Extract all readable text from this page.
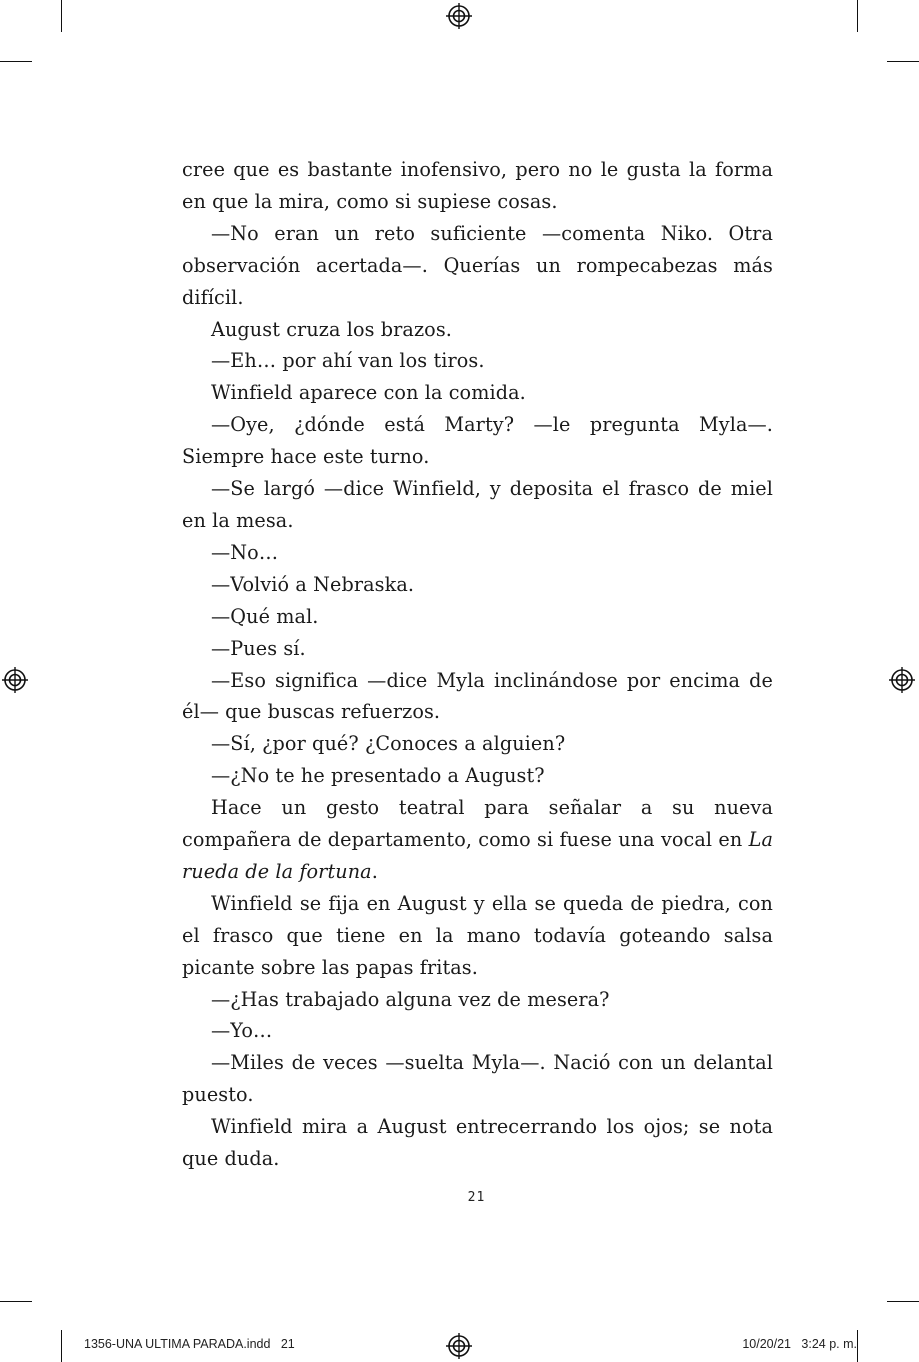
cree que es bastante inofensivo, pero no le gusta la forma en que la mira, como si supiese cosas.

—No eran un reto suficiente —comenta Niko. Otra observación acertada—. Querías un rompecabezas más difícil.

August cruza los brazos.

—Eh… por ahí van los tiros.

Winfield aparece con la comida.

—Oye, ¿dónde está Marty? —le pregunta Myla—. Siempre hace este turno.

—Se largó —dice Winfield, y deposita el frasco de miel en la mesa.

—No…

—Volvió a Nebraska.

—Qué mal.

—Pues sí.

—Eso significa —dice Myla inclinándose por encima de él— que buscas refuerzos.

—Sí, ¿por qué? ¿Conoces a alguien?

—¿No te he presentado a August?

Hace un gesto teatral para señalar a su nueva compañera de departamento, como si fuese una vocal en La rueda de la fortuna.

Winfield se fija en August y ella se queda de piedra, con el frasco que tiene en la mano todavía goteando salsa picante sobre las papas fritas.

—¿Has trabajado alguna vez de mesera?

—Yo…

—Miles de veces —suelta Myla—. Nació con un delantal puesto.

Winfield mira a August entrecerrando los ojos; se nota que duda.

21
1356-UNA ULTIMA PARADA.indd   21	10/20/21   3:24 p. m.
